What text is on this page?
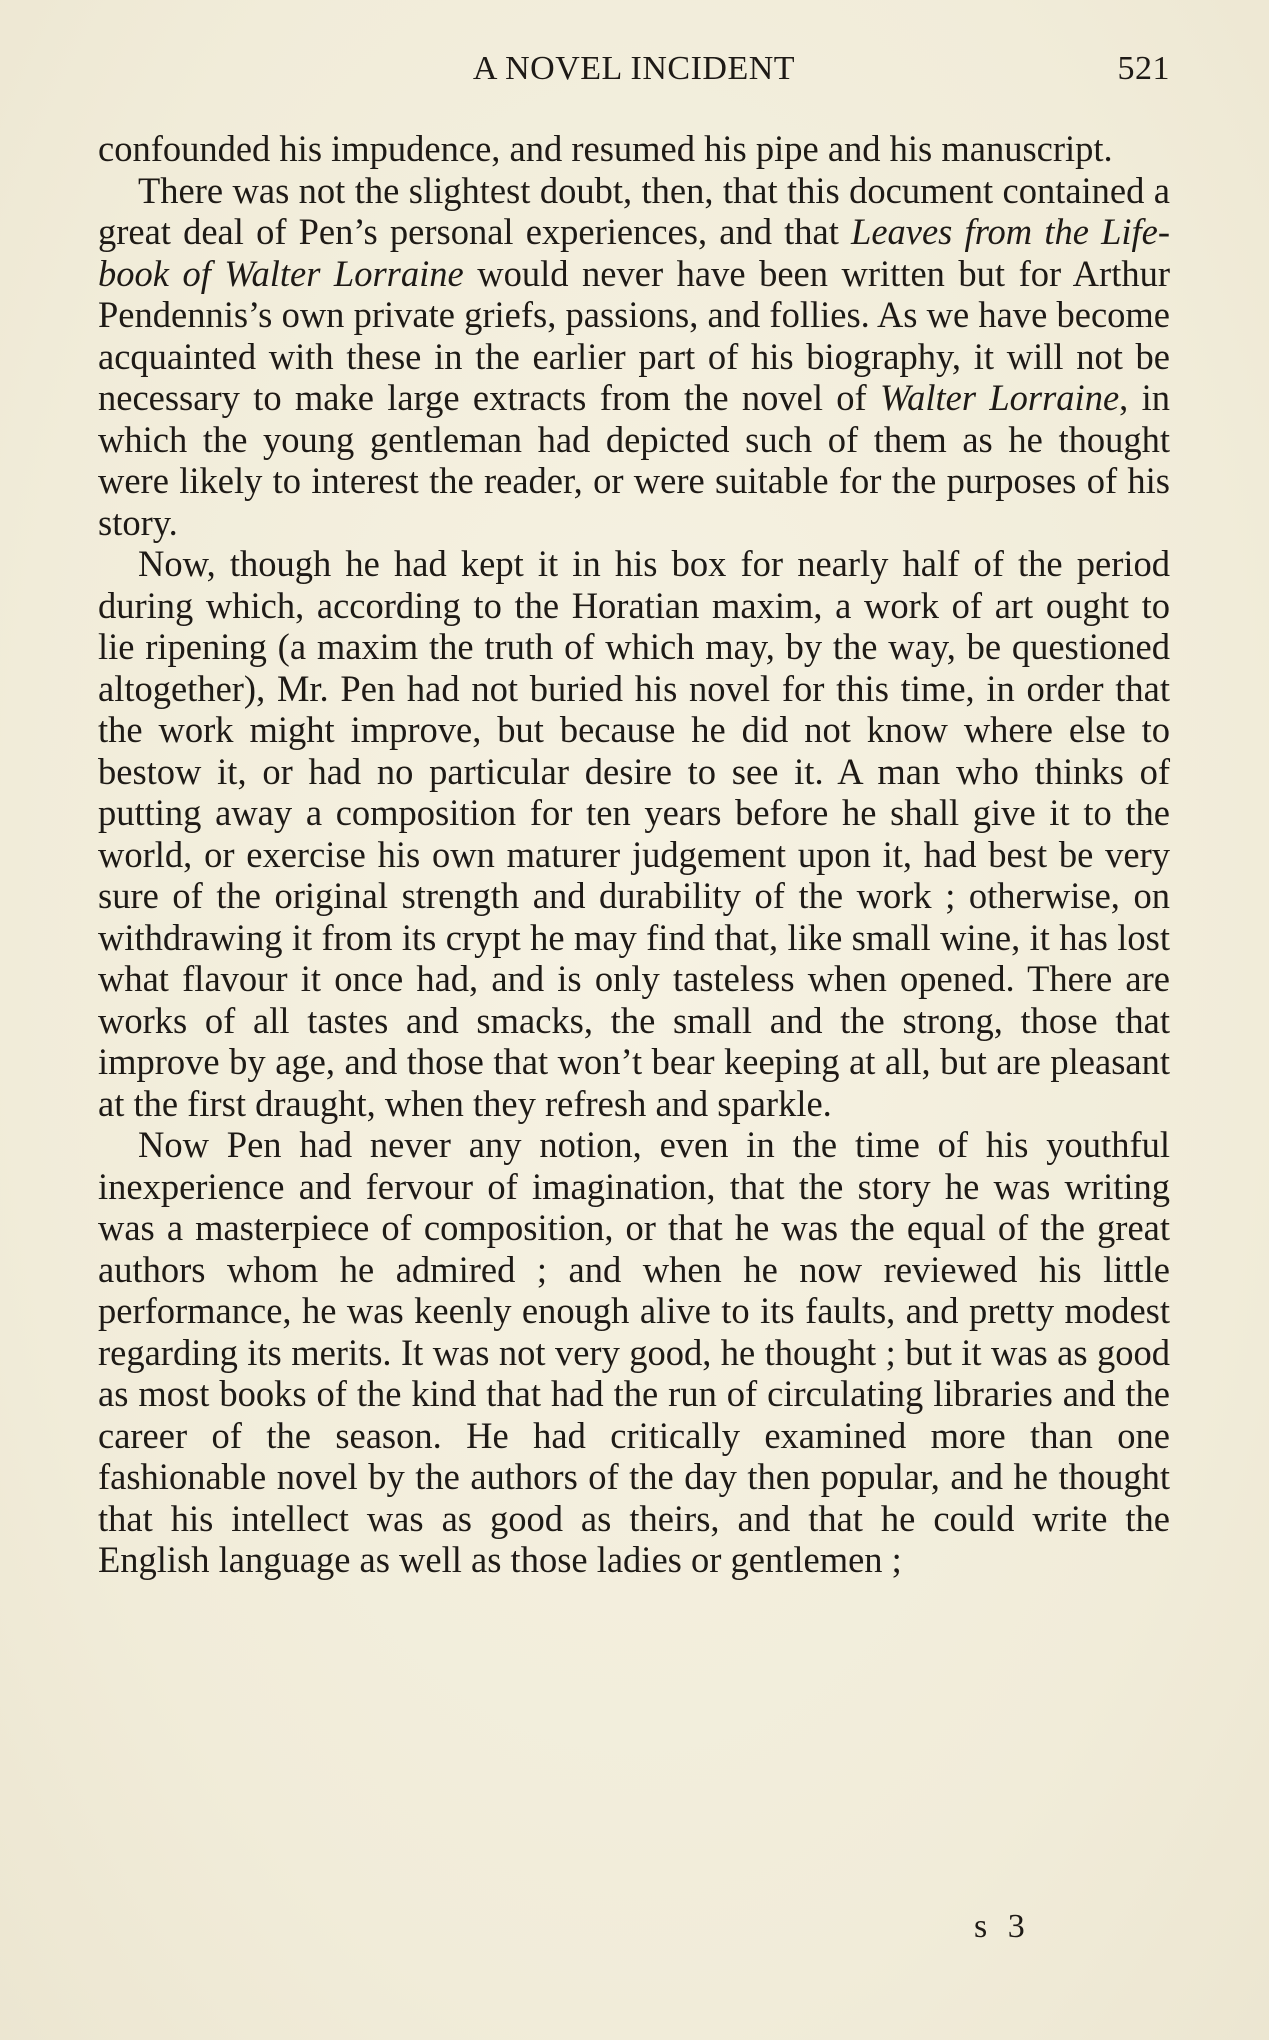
A NOVEL INCIDENT	521

confounded his impudence, and resumed his pipe and his manuscript.

There was not the slightest doubt, then, that this document contained a great deal of Pen’s personal experiences, and that Leaves from the Life-book of Walter Lorraine would never have been written but for Arthur Pendennis’s own private griefs, passions, and follies. As we have become acquainted with these in the earlier part of his biography, it will not be necessary to make large extracts from the novel of Walter Lorraine, in which the young gentleman had depicted such of them as he thought were likely to interest the reader, or were suitable for the purposes of his story.

Now, though he had kept it in his box for nearly half of the period during which, according to the Horatian maxim, a work of art ought to lie ripening (a maxim the truth of which may, by the way, be questioned altogether), Mr. Pen had not buried his novel for this time, in order that the work might improve, but because he did not know where else to bestow it, or had no particular desire to see it. A man who thinks of putting away a composition for ten years before he shall give it to the world, or exercise his own maturer judgement upon it, had best be very sure of the original strength and durability of the work ; otherwise, on withdrawing it from its crypt he may find that, like small wine, it has lost what flavour it once had, and is only tasteless when opened. There are works of all tastes and smacks, the small and the strong, those that improve by age, and those that won’t bear keeping at all, but are pleasant at the first draught, when they refresh and sparkle.

Now Pen had never any notion, even in the time of his youthful inexperience and fervour of imagination, that the story he was writing was a masterpiece of composition, or that he was the equal of the great authors whom he admired ; and when he now reviewed his little performance, he was keenly enough alive to its faults, and pretty modest regarding its merits. It was not very good, he thought ; but it was as good as most books of the kind that had the run of circulating libraries and the career of the season. He had critically examined more than one fashionable novel by the authors of the day then popular, and he thought that his intellect was as good as theirs, and that he could write the English language as well as those ladies or gentlemen ;

s 3
